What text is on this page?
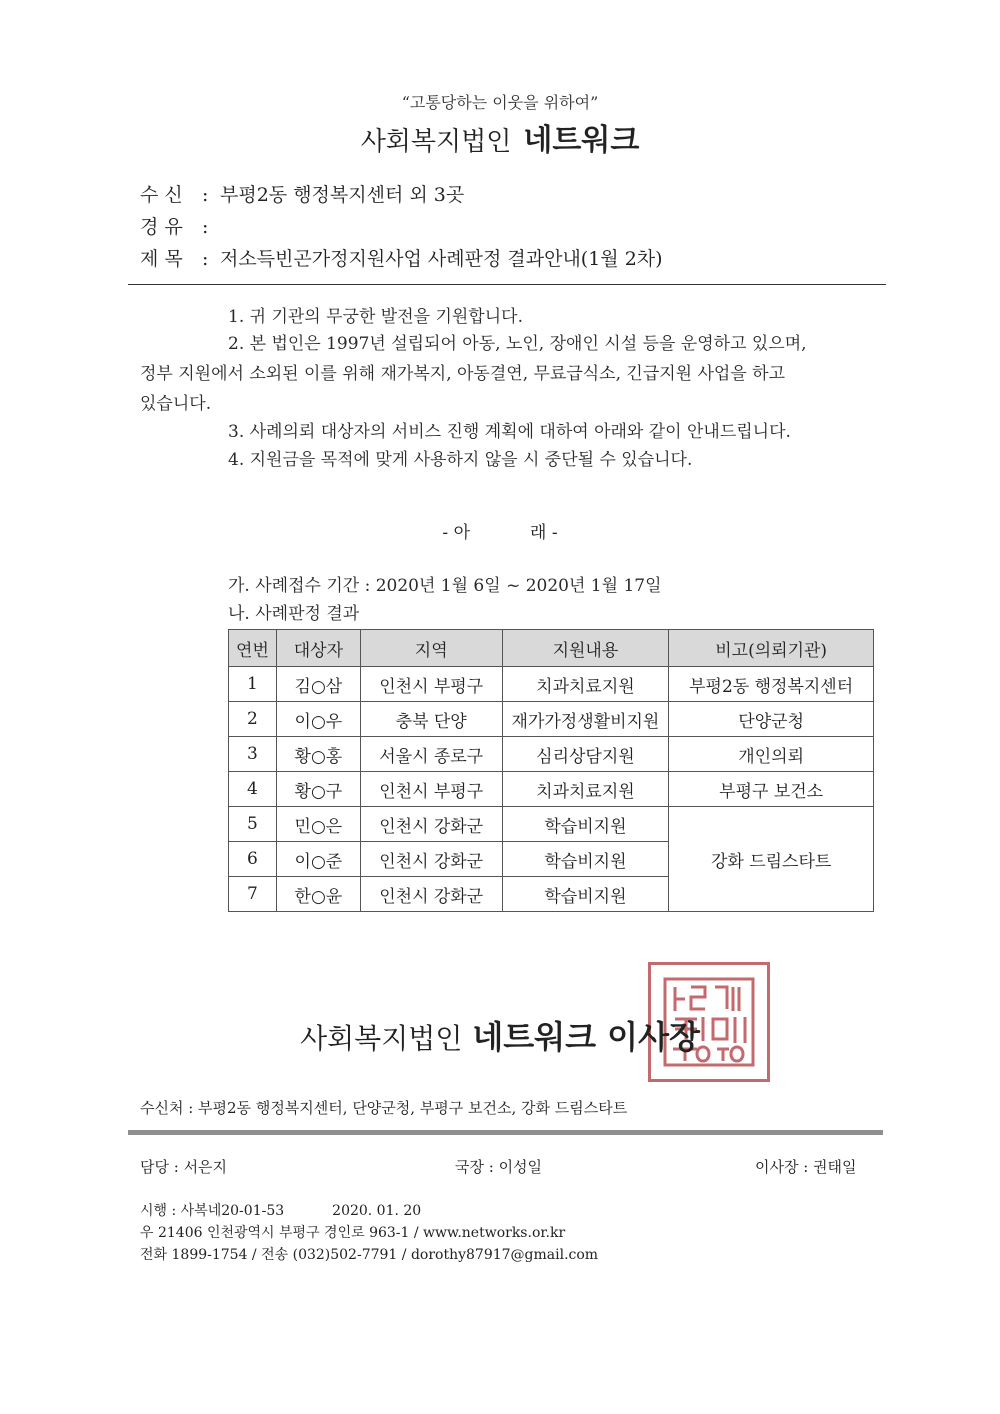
“고통당하는 이웃을 위하여”
사회복지법인 네트워크
수 신 : 부평2동 행정복지센터 외 3곳
경 유 :
제 목 : 저소득빈곤가정지원사업 사례판정 결과안내(1월 2차)
1. 귀 기관의 무궁한 발전을 기원합니다.
2. 본 법인은 1997년 설립되어 아동, 노인, 장애인 시설 등을 운영하고 있으며,
정부 지원에서 소외된 이를 위해 재가복지, 아동결연, 무료급식소, 긴급지원 사업을 하고
있습니다.
3. 사례의뢰 대상자의 서비스 진행 계획에 대하여 아래와 같이 안내드립니다.
4. 지원금을 목적에 맞게 사용하지 않을 시 중단될 수 있습니다.
- 아	래 -
가. 사례접수 기간 : 2020년 1월 6일 ~ 2020년 1월 17일
나. 사례판정 결과
연번	대상자	지역	지원내용	비고(의뢰기관)
1	김○삼	인천시 부평구	치과치료지원	부평2동 행정복지센터
2	이○우	충북 단양	재가가정생활비지원	단양군청
3	황○홍	서울시 종로구	심리상담지원	개인의뢰
4	황○구	인천시 부평구	치과치료지원	부평구 보건소
5	민○은	인천시 강화군	학습비지원	강화 드림스타트
6	이○준	인천시 강화군	학습비지원	
7	한○윤	인천시 강화군	학습비지원	
사회복지법인 네트워크 이사장
수신처 : 부평2동 행정복지센터, 단양군청, 부평구 보건소, 강화 드림스타트
담당 : 서은지	국장 : 이성일	이사장 : 권태일
시행 : 사복네20-01-53	2020. 01. 20
우 21406 인천광역시 부평구 경인로 963-1 / www.networks.or.kr
전화 1899-1754 / 전송 (032)502-7791 / dorothy87917@gmail.com
